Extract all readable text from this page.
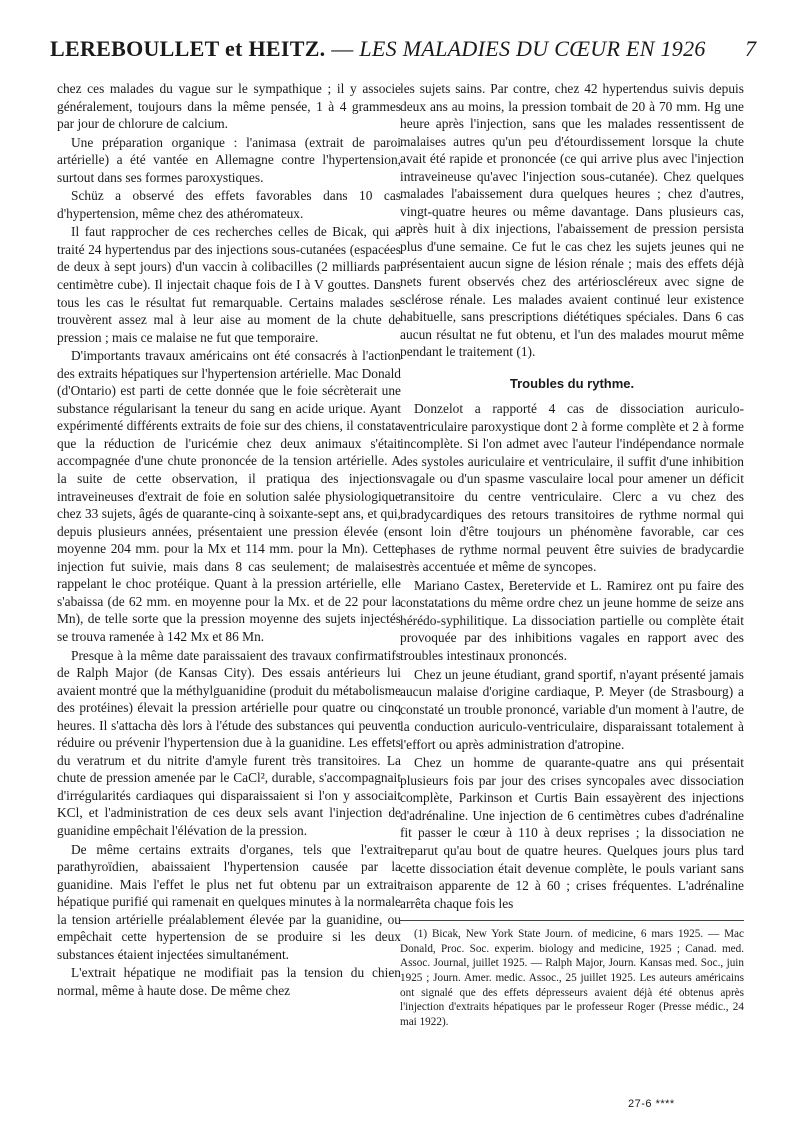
LEREBOULLET et HEITZ. — LES MALADIES DU CŒUR EN 1926 7

chez ces malades du vague sur le sympathique ; il y associe généralement, toujours dans la même pensée, 1 à 4 grammes par jour de chlorure de calcium.

Une préparation organique : l'animasa (extrait de paroi artérielle) a été vantée en Allemagne contre l'hypertension, surtout dans ses formes paroxystiques.

Schüz a observé des effets favorables dans 10 cas d'hypertension, même chez des athéromateux.

Il faut rapprocher de ces recherches celles de Bicak, qui a traité 24 hypertendus par des injections sous-cutanées (espacées de deux à sept jours) d'un vaccin à colibacilles (2 milliards par centimètre cube). Il injectait chaque fois de I à V gouttes. Dans tous les cas le résultat fut remarquable. Certains malades se trouvèrent assez mal à leur aise au moment de la chute de pression ; mais ce malaise ne fut que temporaire.

D'importants travaux américains ont été consacrés à l'action des extraits hépatiques sur l'hypertension artérielle. Mac Donald (d'Ontario) est parti de cette donnée que le foie sécrèterait une substance régularisant la teneur du sang en acide urique. Ayant expérimenté différents extraits de foie sur des chiens, il constata que la réduction de l'uricémie chez deux animaux s'était accompagnée d'une chute prononcée de la tension artérielle. A la suite de cette observation, il pratiqua des injections intraveineuses d'extrait de foie en solution salée physiologique chez 33 sujets, âgés de quarante-cinq à soixante-sept ans, et qui, depuis plusieurs années, présentaient une pression élevée (en moyenne 204 mm. pour la Mx et 114 mm. pour la Mn). Cette injection fut suivie, mais dans 8 cas seulement; de malaises rappelant le choc protéique. Quant à la pression artérielle, elle s'abaissa (de 62 mm. en moyenne pour la Mx. et de 22 pour la Mn), de telle sorte que la pression moyenne des sujets injectés se trouva ramenée à 142 Mx et 86 Mn.

Presque à la même date paraissaient des travaux confirmatifs de Ralph Major (de Kansas City). Des essais antérieurs lui avaient montré que la méthylguanidine (produit du métabolisme des protéines) élevait la pression artérielle pour quatre ou cinq heures. Il s'attacha dès lors à l'étude des substances qui peuvent réduire ou prévenir l'hypertension due à la guanidine. Les effets du veratrum et du nitrite d'amyle furent très transitoires. La chute de pression amenée par le CaCl², durable, s'accompagnait d'irrégularités cardiaques qui disparaissaient si l'on y associait KCl, et l'administration de ces deux sels avant l'injection de guanidine empêchait l'élévation de la pression.

De même certains extraits d'organes, tels que l'extrait parathyroïdien, abaissaient l'hypertension causée par la guanidine. Mais l'effet le plus net fut obtenu par un extrait hépatique purifié qui ramenait en quelques minutes à la normale la tension artérielle préalablement élevée par la guanidine, ou empêchait cette hypertension de se produire si les deux substances étaient injectées simultanément.

L'extrait hépatique ne modifiait pas la tension du chien normal, même à haute dose. De même chez

les sujets sains. Par contre, chez 42 hypertendus suivis depuis deux ans au moins, la pression tombait de 20 à 70 mm. Hg une heure après l'injection, sans que les malades ressentissent de malaises autres qu'un peu d'étourdissement lorsque la chute avait été rapide et prononcée (ce qui arrive plus avec l'injection intraveineuse qu'avec l'injection sous-cutanée). Chez quelques malades l'abaissement dura quelques heures ; chez d'autres, vingt-quatre heures ou même davantage. Dans plusieurs cas, après huit à dix injections, l'abaissement de pression persista plus d'une semaine. Ce fut le cas chez les sujets jeunes qui ne présentaient aucun signe de lésion rénale ; mais des effets déjà nets furent observés chez des artérioscléreux avec signe de sclérose rénale. Les malades avaient continué leur existence habituelle, sans prescriptions diététiques spéciales. Dans 6 cas aucun résultat ne fut obtenu, et l'un des malades mourut même pendant le traitement (1).

Troubles du rythme.

Donzelot a rapporté 4 cas de dissociation auriculo-ventriculaire paroxystique dont 2 à forme complète et 2 à forme incomplète. Si l'on admet avec l'auteur l'indépendance normale des systoles auriculaire et ventriculaire, il suffit d'une inhibition vagale ou d'un spasme vasculaire local pour amener un déficit transitoire du centre ventriculaire. Clerc a vu chez des bradycardiques des retours transitoires de rythme normal qui sont loin d'être toujours un phénomène favorable, car ces phases de rythme normal peuvent être suivies de bradycardie très accentuée et même de syncopes.

Mariano Castex, Beretervide et L. Ramirez ont pu faire des constatations du même ordre chez un jeune homme de seize ans hérédo-syphilitique. La dissociation partielle ou complète était provoquée par des inhibitions vagales en rapport avec des troubles intestinaux prononcés.

Chez un jeune étudiant, grand sportif, n'ayant présenté jamais aucun malaise d'origine cardiaque, P. Meyer (de Strasbourg) a constaté un trouble prononcé, variable d'un moment à l'autre, de la conduction auriculo-ventriculaire, disparaissant totalement à l'effort ou après administration d'atropine.

Chez un homme de quarante-quatre ans qui présentait plusieurs fois par jour des crises syncopales avec dissociation complète, Parkinson et Curtis Bain essayèrent des injections d'adrénaline. Une injection de 6 centimètres cubes d'adrénaline fit passer le cœur à 110 à deux reprises ; la dissociation ne reparut qu'au bout de quatre heures. Quelques jours plus tard cette dissociation était devenue complète, le pouls variant sans raison apparente de 12 à 60 ; crises fréquentes. L'adrénaline arrêta chaque fois les

(1) Bicak, New York State Journ. of medicine, 6 mars 1925. — Mac Donald, Proc. Soc. experim. biology and medicine, 1925 ; Canad. med. Assoc. Journal, juillet 1925. — Ralph Major, Journ. Kansas med. Soc., juin 1925 ; Journ. Amer. medic. Assoc., 25 juillet 1925. Les auteurs américains ont signalé que des effets dépresseurs avaient déjà été obtenus après l'injection d'extraits hépatiques par le professeur Roger (Presse médic., 24 mai 1922).

27-6 ****
